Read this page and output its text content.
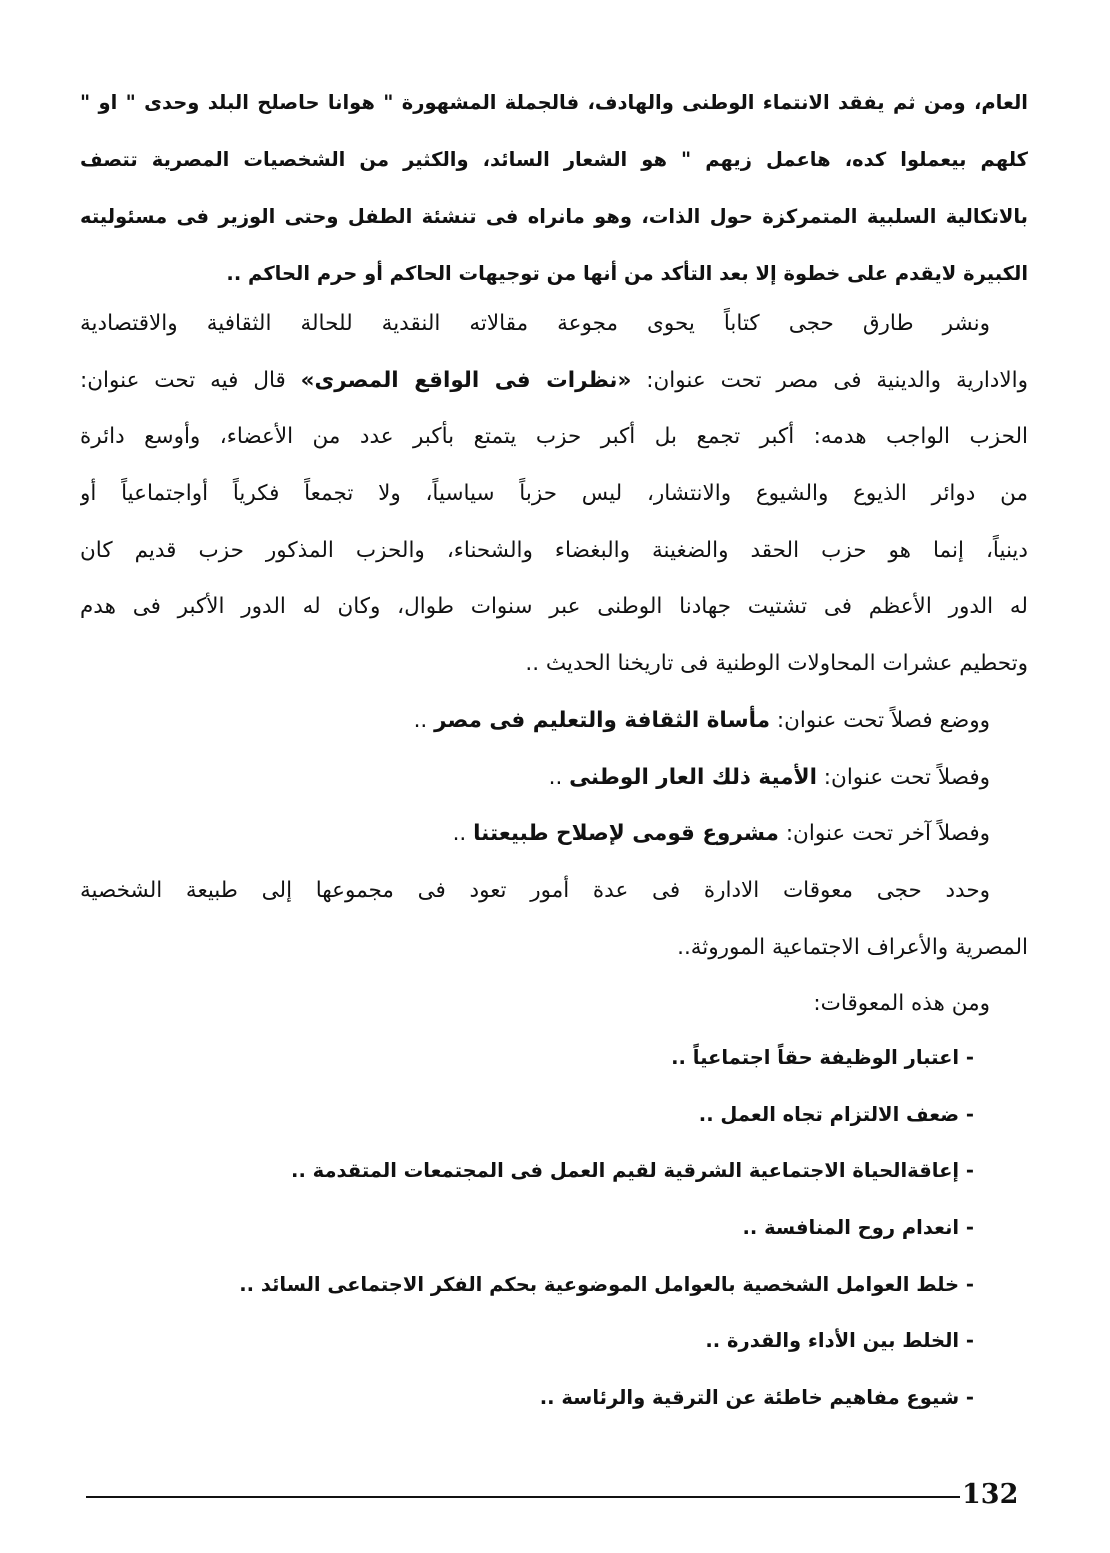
العام، ومن ثم يفقد الانتماء الوطنى والهادف، فالجملة المشهورة " هوانا حاصلح البلد وحدى " او "
كلهم بيعملوا كده، هاعمل زيهم " هو الشعار السائد، والكثير من الشخصيات المصرية تتصف
بالاتكالية السلبية المتمركزة حول الذات، وهو مانراه فى تنشئة الطفل وحتى الوزير فى مسئوليته
الكبيرة لايقدم على خطوة إلا بعد التأكد من أنها من توجيهات الحاكم أو حرم الحاكم ..
ونشر طارق حجى كتاباً يحوى مجوعة مقالاته النقدية للحالة الثقافية والاقتصادية
والادارية والدينية فى مصر تحت عنوان: «نظرات فى الواقع المصرى» قال فيه تحت عنوان:
الحزب الواجب هدمه: أكبر تجمع بل أكبر حزب يتمتع بأكبر عدد من الأعضاء، وأوسع دائرة
من دوائر الذيوع والشيوع والانتشار، ليس حزباً سياسياً، ولا تجمعاً فكرياً أواجتماعياً أو
دينياً، إنما هو حزب الحقد والضغينة والبغضاء والشحناء، والحزب المذكور حزب قديم كان
له الدور الأعظم فى تشتيت جهادنا الوطنى عبر سنوات طوال، وكان له الدور الأكبر فى هدم
وتحطيم عشرات المحاولات الوطنية فى تاريخنا الحديث ..
ووضع فصلاً تحت عنوان: مأساة الثقافة والتعليم فى مصر ..
وفصلاً تحت عنوان: الأمية ذلك العار الوطنى ..
وفصلاً آخر تحت عنوان: مشروع قومى لإصلاح طبيعتنا ..
وحدد حجى معوقات الادارة فى عدة أمور تعود فى مجموعها إلى طبيعة الشخصية
المصرية والأعراف الاجتماعية الموروثة..
ومن هذه المعوقات:
- اعتبار الوظيفة حقاً اجتماعياً ..
- ضعف الالتزام تجاه العمل ..
- إعاقةالحياة الاجتماعية الشرقية لقيم العمل فى المجتمعات المتقدمة ..
- انعدام روح المنافسة ..
- خلط العوامل الشخصية بالعوامل الموضوعية بحكم الفكر الاجتماعى السائد ..
- الخلط بين الأداء والقدرة ..
- شيوع مفاهيم خاطئة عن الترقية والرئاسة ..
132
